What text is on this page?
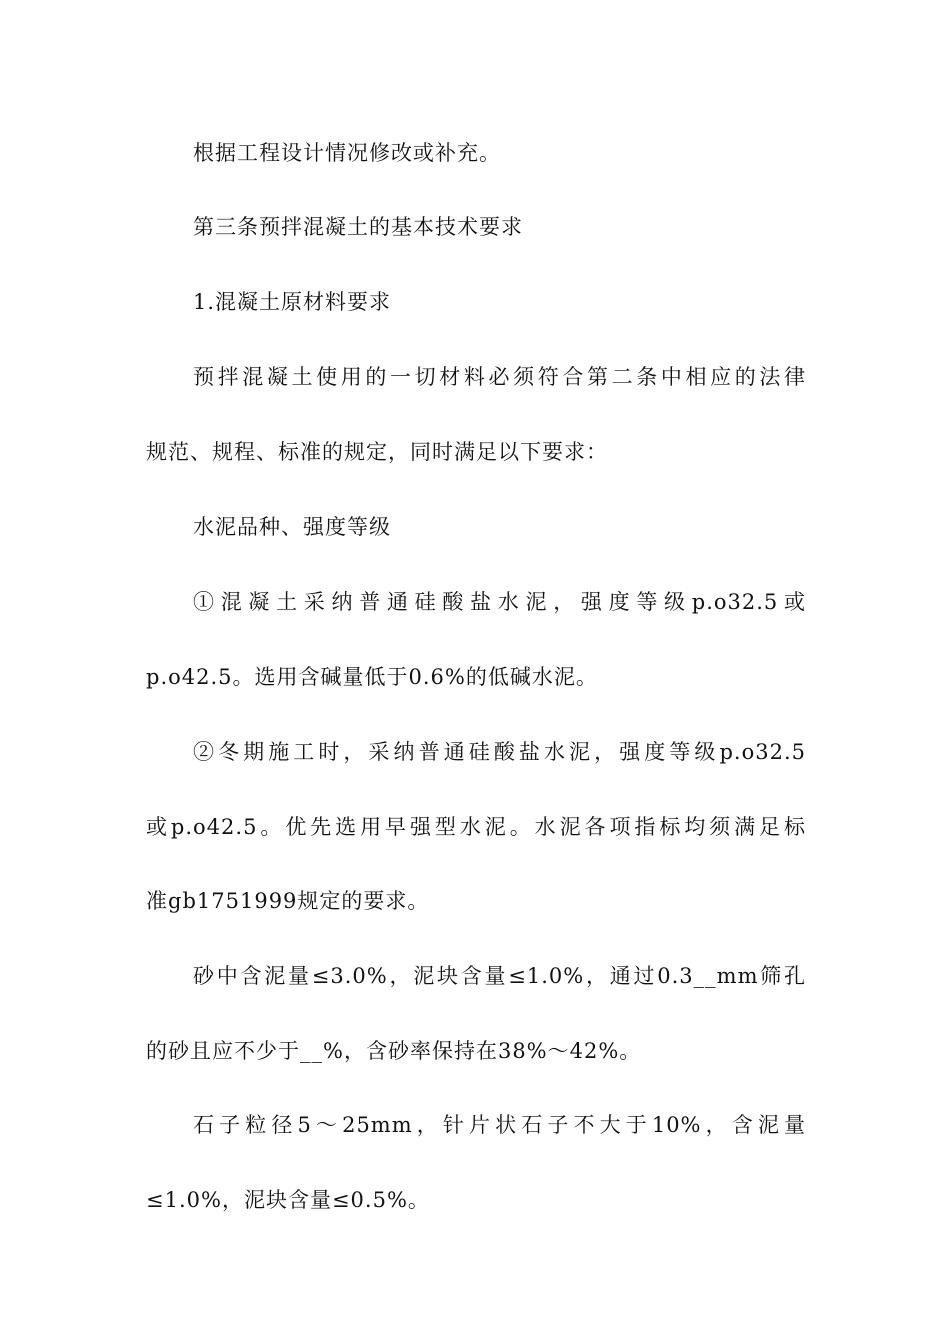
根据工程设计情况修改或补充。
第三条预拌混凝土的基本技术要求
1.混凝土原材料要求
预拌混凝土使用的一切材料必须符合第二条中相应的法律
规范、规程、标准的规定，同时满足以下要求：
水泥品种、强度等级
①混凝土采纳普通硅酸盐水泥，强度等级p.o32.5或
p.o42.5。选用含碱量低于0.6%的低碱水泥。
②冬期施工时，采纳普通硅酸盐水泥，强度等级p.o32.5
或p.o42.5。优先选用早强型水泥。水泥各项指标均须满足标
准gb1751999规定的要求。
砂中含泥量≤3.0%，泥块含量≤1.0%，通过0.3__mm筛孔
的砂且应不少于__%，含砂率保持在38%～42%。
石子粒径5～25mm，针片状石子不大于10%，含泥量
≤1.0%，泥块含量≤0.5%。
